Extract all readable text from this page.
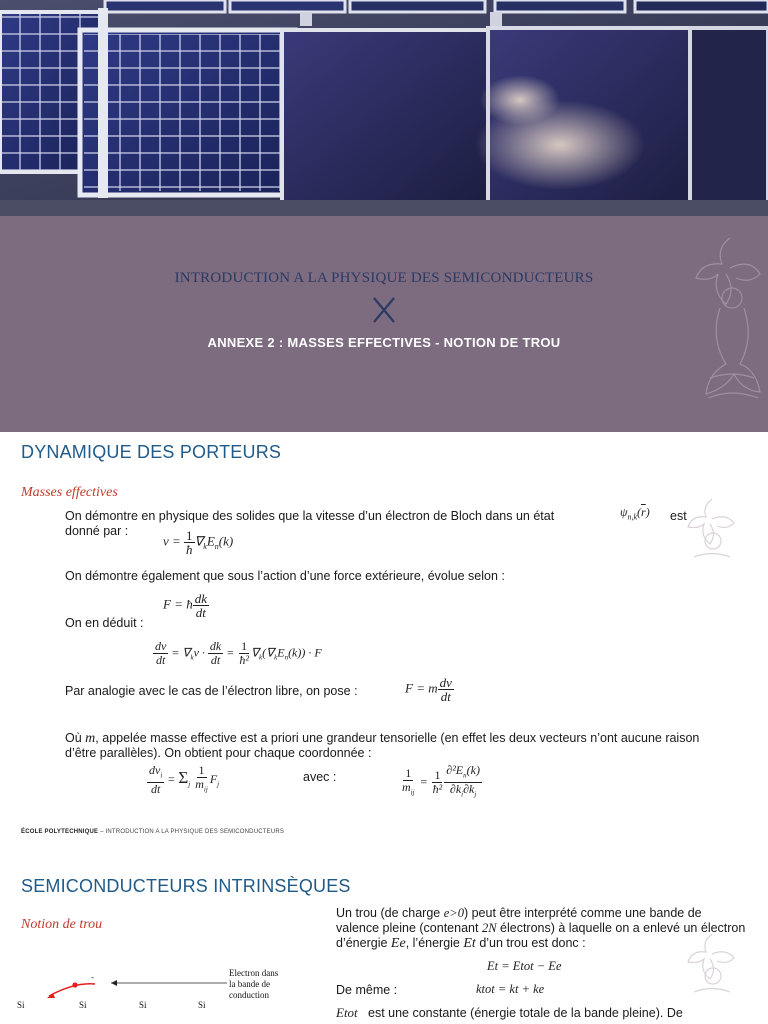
INTRODUCTION A LA PHYSIQUE DES SEMICONDUCTEURS
ANNEXE 2 : MASSES EFFECTIVES - NOTION DE TROU
DYNAMIQUE DES PORTEURS
Masses effectives
On démontre en physique des solides que la vitesse d’un électron de Bloch dans un état	$\psi_{n,k}(\overline{r})$ est
donné par :
$v = \frac{1}{ħ} \nabla_kE_n(k)$
On démontre également que sous l’action d’une force extérieure, évolue selon :
F = ħ $\frac{dk}{dt}$
On en déduit :
$\frac{dv}{dt} = \nabla_kv \cdot \frac{dk}{dt} = \frac{1}{\text{ħ²}} \nabla_k(\nabla_kE_n(k)) \cdot F$
Par analogie avec le cas de l’électron libre, on pose :	F = m $\frac{dv}{dt}$
Où m, appelée masse effective est a priori une grandeur tensorielle (en effet les deux vecteurs n’ont aucune raison d’être parallèles). On obtient pour chaque coordonnée :
$\frac{dv_i}{dt} = \Sigma_j \frac{1}{m_{ij}} F_j$
avec :	$\frac{1}{m_{ij}} = \frac{1}{\text{ħ²}} \frac{\partial^2E_n(k)}{\partial k_i\partial k_j}$
ÉCOLE POLYTECHNIQUE – INTRODUCTION A LA PHYSIQUE DES SEMICONDUCTEURS
SEMICONDUCTEURS INTRINSÈQUES
Notion de trou
Un trou (de charge e>0) peut être interprété comme une bande de valence pleine (contenant 2N électrons) à laquelle on a enlevé un électron d’énergie Ee, l’énergie Et d’un trou est donc :
Et = Etot − Ee
De même :	ktot = kt + ke
Etot est une constante (énergie totale de la bande pleine). De
-
Si	Si	Si	Si
Electron dans
la bande de
conduction
